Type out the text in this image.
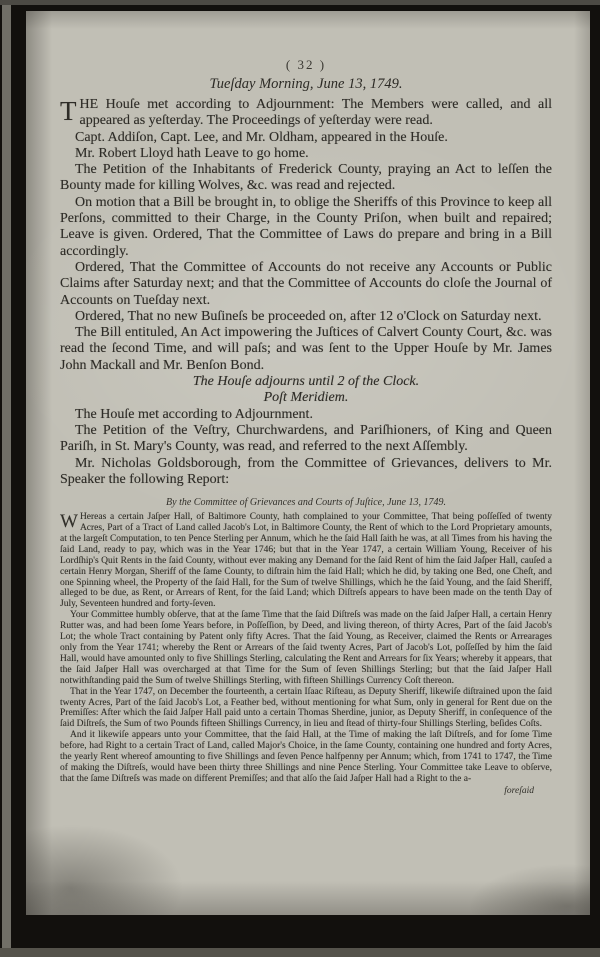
( 32 )
Tueſday Morning, June 13, 1749.

THE Houſe met according to Adjournment: The Members were called, and all appeared as yeſterday. The Proceedings of yeſterday were read.

Capt. Addiſon, Capt. Lee, and Mr. Oldham, appeared in the Houſe.

Mr. Robert Lloyd hath Leave to go home.

The Petition of the Inhabitants of Frederick County, praying an Act to leſſen the Bounty made for killing Wolves, &c. was read and rejected.

On motion that a Bill be brought in, to oblige the Sheriffs of this Province to keep all Perſons, committed to their Charge, in the County Priſon, when built and repaired; Leave is given. Ordered, That the Committee of Laws do prepare and bring in a Bill accordingly.

Ordered, That the Committee of Accounts do not receive any Accounts or Public Claims after Saturday next; and that the Committee of Accounts do cloſe the Journal of Accounts on Tueſday next.

Ordered, That no new Buſineſs be proceeded on, after 12 o'Clock on Saturday next.

The Bill entituled, An Act impowering the Juſtices of Calvert County Court, &c. was read the ſecond Time, and will paſs; and was ſent to the Upper Houſe by Mr. James John Mackall and Mr. Benſon Bond.

The Houſe adjourns until 2 of the Clock.

Poſt Meridiem.

The Houſe met according to Adjournment.

The Petition of the Veſtry, Churchwardens, and Pariſhioners, of King and Queen Pariſh, in St. Mary's County, was read, and referred to the next Aſſembly.

Mr. Nicholas Goldsborough, from the Committee of Grievances, delivers to Mr. Speaker the following Report:

By the Committee of Grievances and Courts of Juſtice, June 13, 1749.

W Hereas a certain Jaſper Hall, of Baltimore County, hath complained to your Committee, That being poſſeſſed of twenty Acres, Part of a Tract of Land called Jacob's Lot, in Baltimore County, the Rent of which to the Lord Proprietary amounts, at the largeſt Computation, to ten Pence Sterling per Annum, which he the ſaid Hall ſaith he was, at all Times from his having the ſaid Land, ready to pay, which was in the Year 1746; but that in the Year 1747, a certain William Young, Receiver of his Lordſhip's Quit Rents in the ſaid County, without ever making any Demand for the ſaid Rent of him the ſaid Jaſper Hall, cauſed a certain Henry Morgan, Sheriff of the ſame County, to diſtrain him the ſaid Hall; which he did, by taking one Bed, one Cheſt, and one Spinning wheel, the Property of the ſaid Hall, for the Sum of twelve Shillings, which he the ſaid Young, and the ſaid Sheriff, alleged to be due, as Rent, or Arrears of Rent, for the ſaid Land; which Diſtreſs appears to have been made on the tenth Day of July, Seventeen hundred and forty-ſeven.

Your Committee humbly obſerve, that at the ſame Time that the ſaid Diſtreſs was made on the ſaid Jaſper Hall, a certain Henry Rutter was, and had been ſome Years before, in Poſſeſſion, by Deed, and living thereon, of thirty Acres, Part of the ſaid Jacob's Lot; the whole Tract containing by Patent only fifty Acres. That the ſaid Young, as Receiver, claimed the Rents or Arrearages only from the Year 1741; whereby the Rent or Arrears of the ſaid twenty Acres, Part of Jacob's Lot, poſſeſſed by him the ſaid Hall, would have amounted only to five Shillings Sterling, calculating the Rent and Arrears for ſix Years; whereby it appears, that the ſaid Jaſper Hall was overcharged at that Time for the Sum of ſeven Shillings Sterling; but that the ſaid Jaſper Hall notwithſtanding paid the Sum of twelve Shillings Sterling, with fifteen Shillings Currency Coſt thereon.

That in the Year 1747, on December the fourteenth, a certain Iſaac Riſteau, as Deputy Sheriff, likewiſe diſtrained upon the ſaid twenty Acres, Part of the ſaid Jacob's Lot, a Feather bed, without mentioning for what Sum, only in general for Rent due on the Premiſſes: After which the ſaid Jaſper Hall paid unto a certain Thomas Sherdine, junior, as Deputy Sheriff, in conſequence of the ſaid Diſtreſs, the Sum of two Pounds fifteen Shillings Currency, in lieu and ſtead of thirty-four Shillings Sterling, beſides Coſts.

And it likewiſe appears unto your Committee, that the ſaid Hall, at the Time of making the laſt Diſtreſs, and for ſome Time before, had Right to a certain Tract of Land, called Major's Choice, in the ſame County, containing one hundred and forty Acres, the yearly Rent whereof amounting to five Shillings and ſeven Pence halfpenny per Annum; which, from 1741 to 1747, the Time of making the Diſtreſs, would have been thirty three Shillings and nine Pence Sterling. Your Committee take Leave to obſerve, that the ſame Diſtreſs was made on different Premiſſes; and that alſo the ſaid Jaſper Hall had a Right to the a-

foreſaid
